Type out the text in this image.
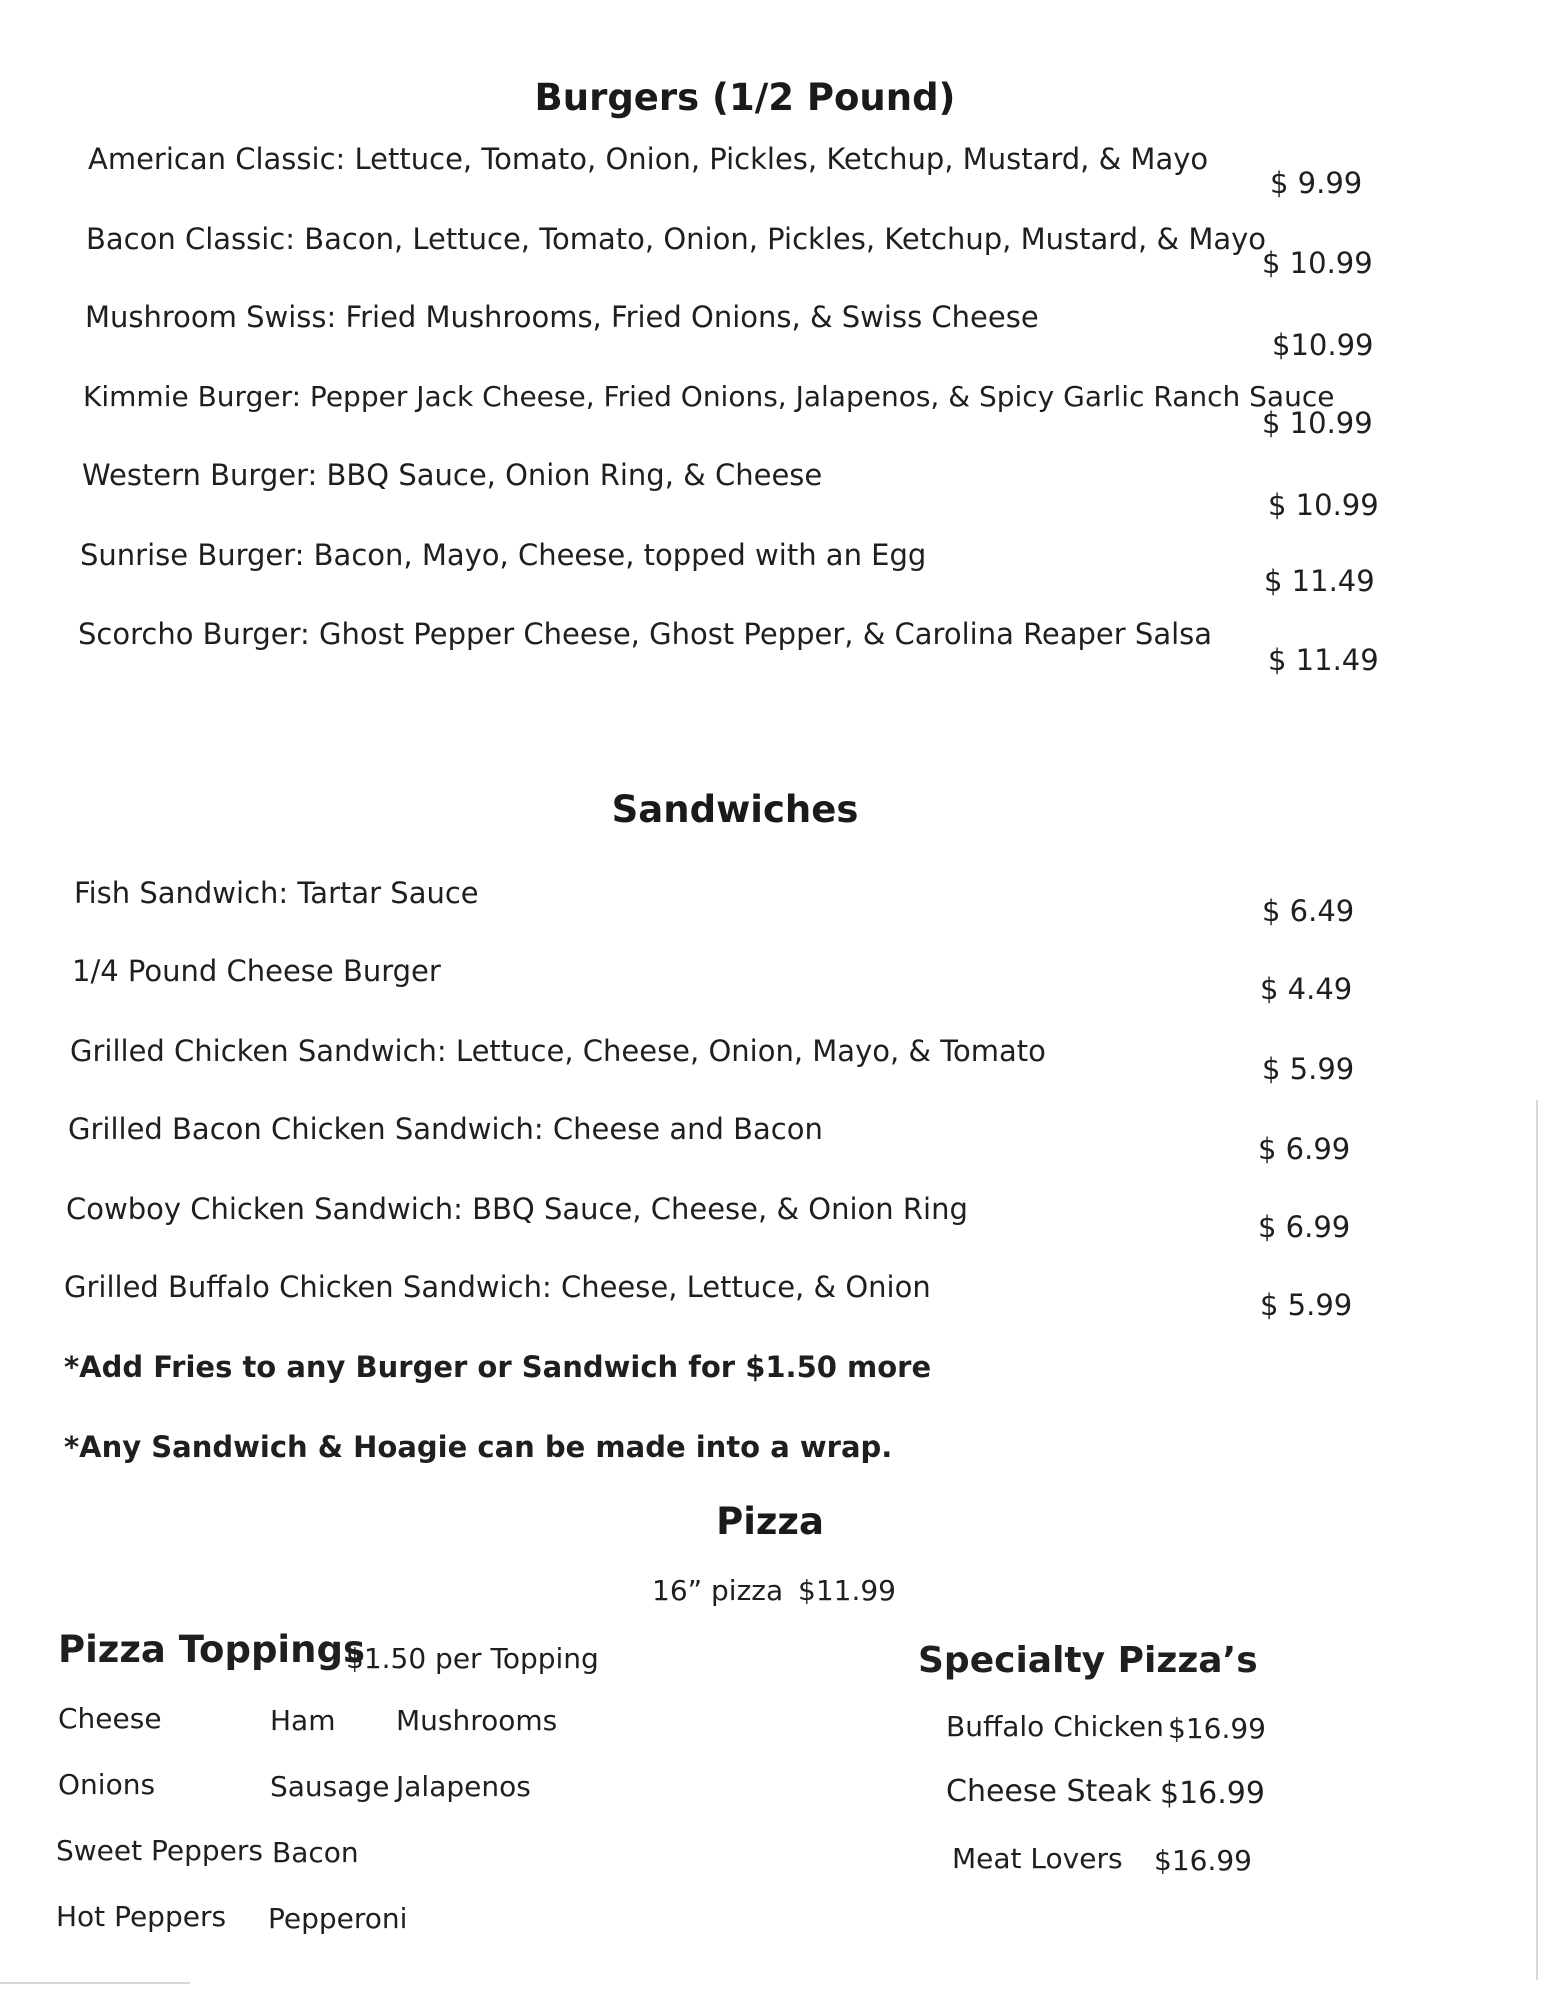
Burgers (1/2 Pound)
American Classic: Lettuce, Tomato, Onion, Pickles, Ketchup, Mustard, & Mayo
$ 9.99
Bacon Classic: Bacon, Lettuce, Tomato, Onion, Pickles, Ketchup, Mustard, & Mayo
$ 10.99
Mushroom Swiss: Fried Mushrooms, Fried Onions, & Swiss Cheese
$10.99
Kimmie Burger: Pepper Jack Cheese, Fried Onions, Jalapenos, & Spicy Garlic Ranch Sauce
$ 10.99
Western Burger: BBQ Sauce, Onion Ring, & Cheese
$ 10.99
Sunrise Burger: Bacon, Mayo, Cheese, topped with an Egg
$ 11.49
Scorcho Burger: Ghost Pepper Cheese, Ghost Pepper, & Carolina Reaper Salsa
$ 11.49
Sandwiches
Fish Sandwich: Tartar Sauce
$ 6.49
1/4 Pound Cheese Burger
$ 4.49
Grilled Chicken Sandwich: Lettuce, Cheese, Onion, Mayo, & Tomato
$ 5.99
Grilled Bacon Chicken Sandwich: Cheese and Bacon
$ 6.99
Cowboy Chicken Sandwich: BBQ Sauce, Cheese, & Onion Ring
$ 6.99
Grilled Buffalo Chicken Sandwich: Cheese, Lettuce, & Onion
$ 5.99
*Add Fries to any Burger or Sandwich for $1.50 more
*Any Sandwich & Hoagie can be made into a wrap.
Pizza
16” pizza $11.99
Pizza Toppings
$1.50 per Topping
Cheese
Onions
Sweet Peppers
Hot Peppers
Ham
Sausage
Bacon
Pepperoni
Mushrooms
Jalapenos
Specialty Pizza’s
Buffalo Chicken $16.99
Cheese Steak $16.99
Meat Lovers $16.99
